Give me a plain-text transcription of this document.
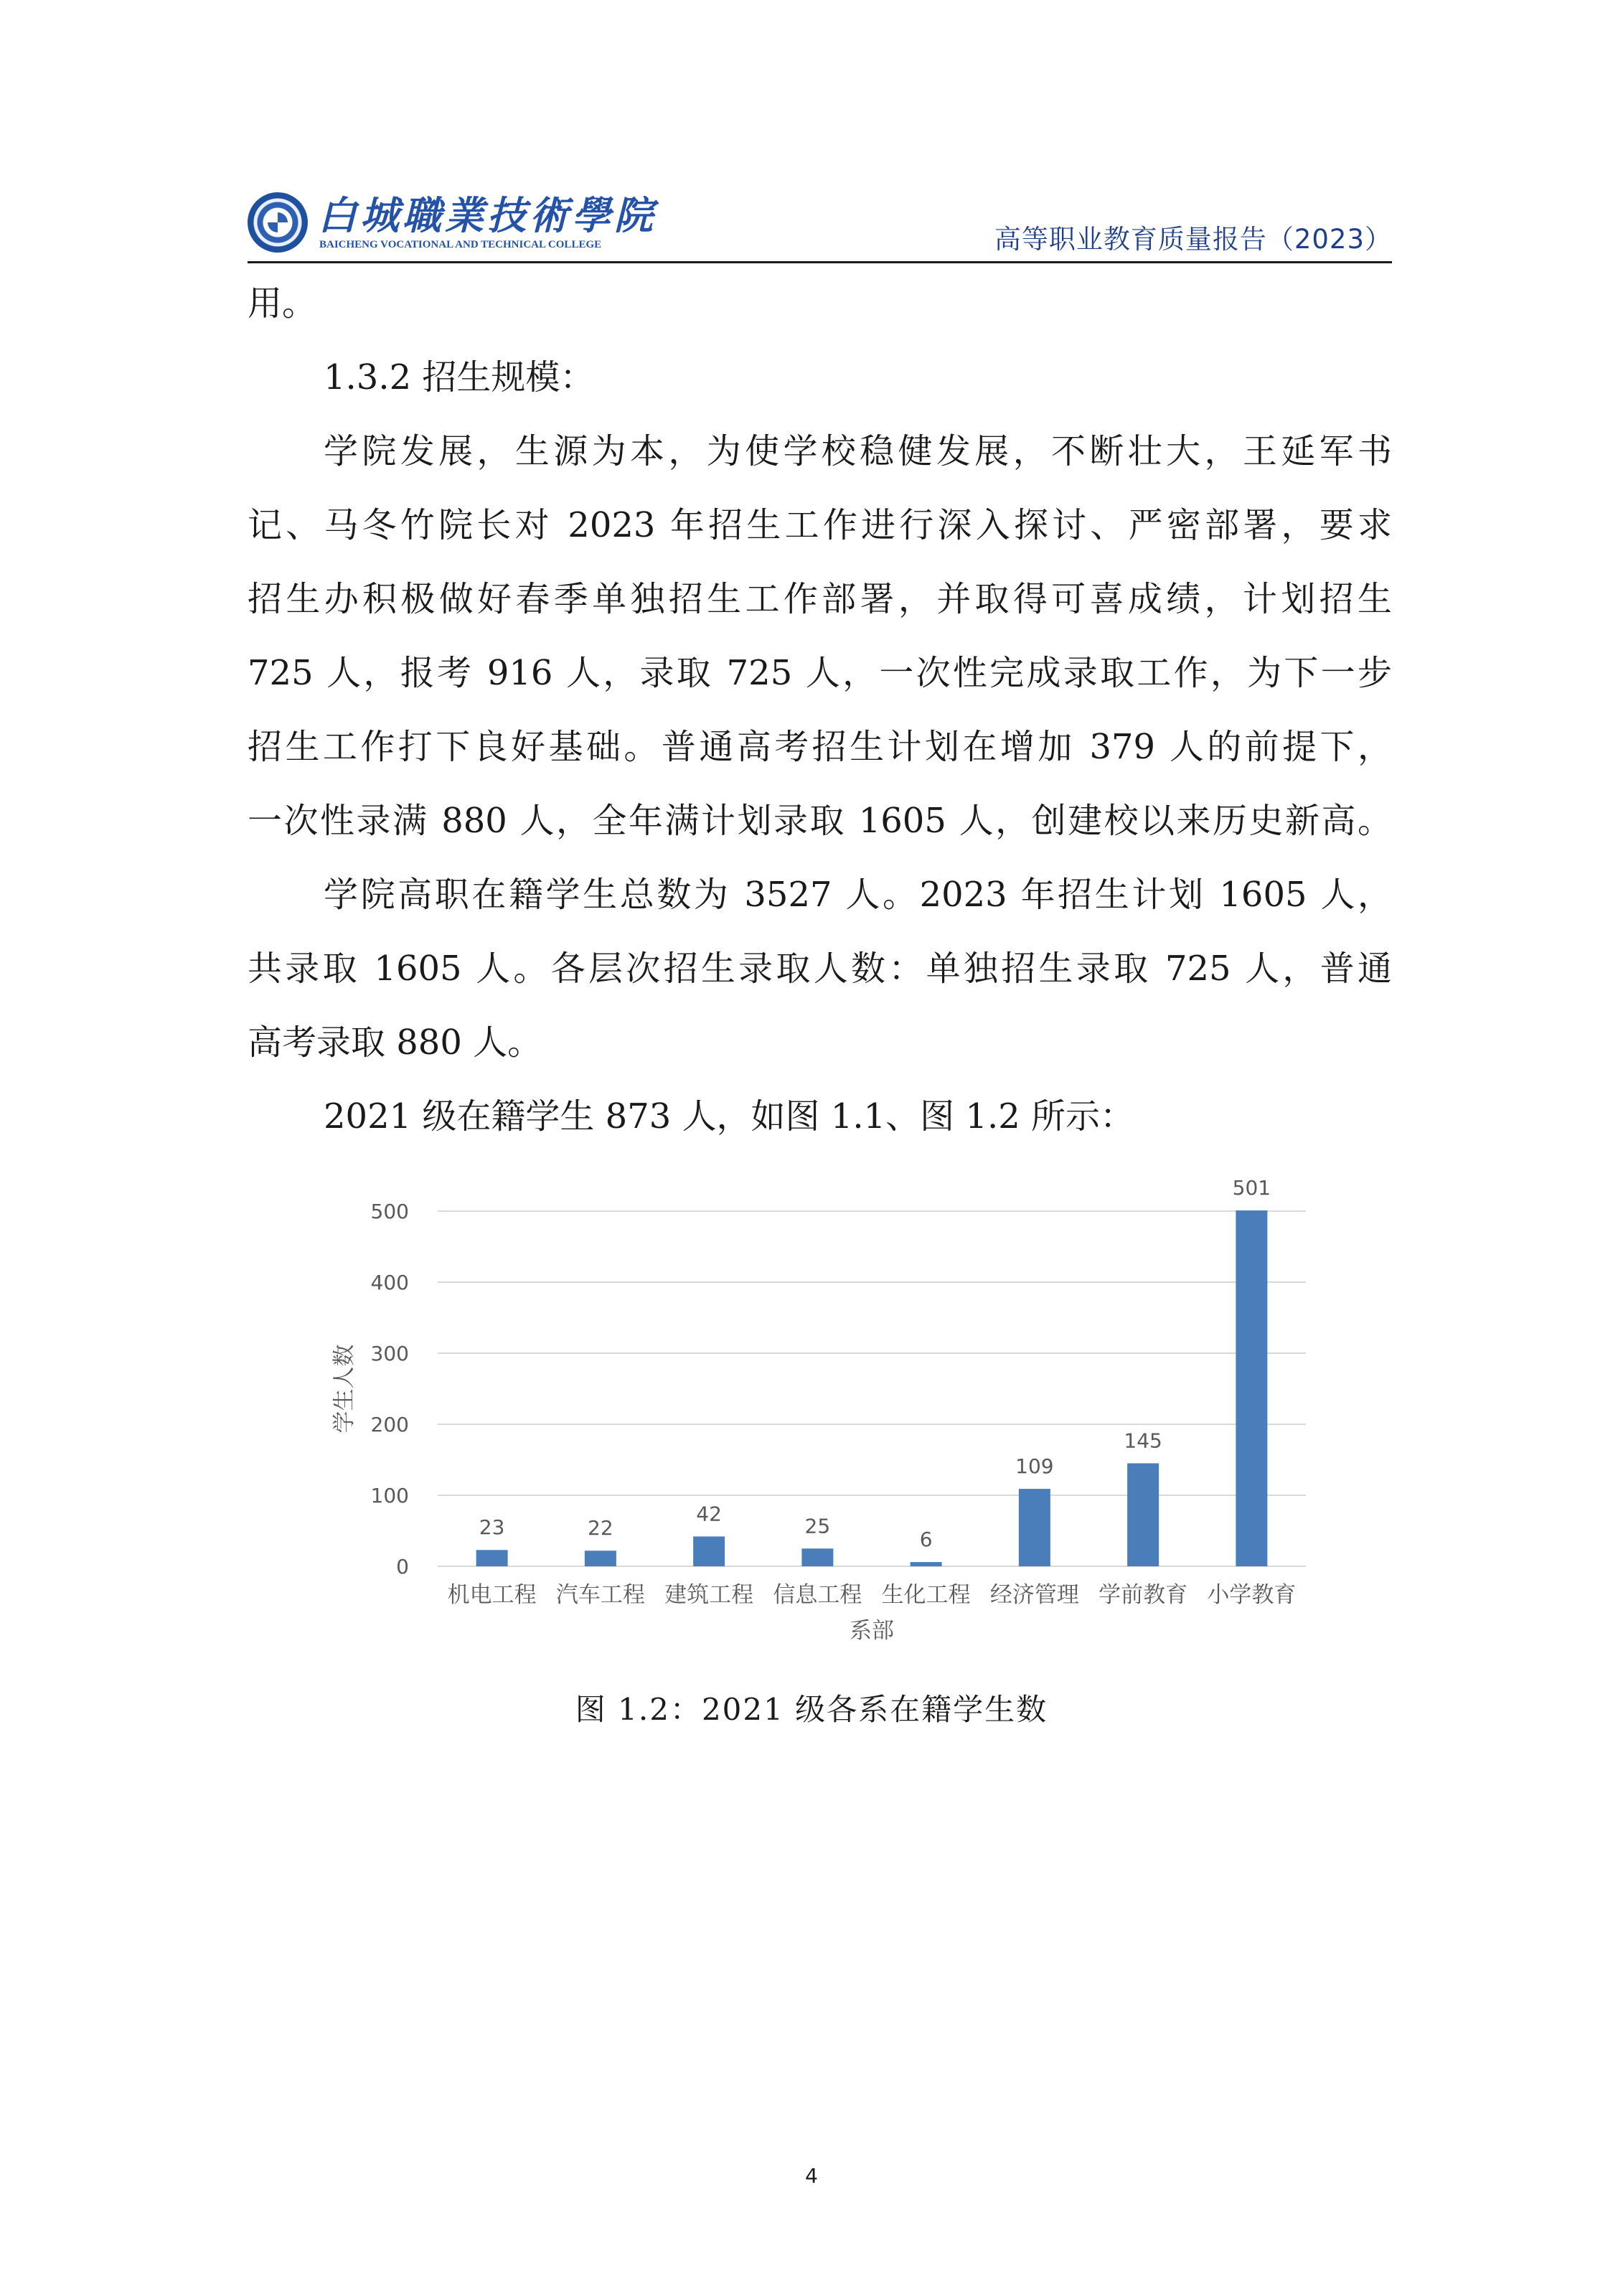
白城職業技術學院
BAICHENG VOCATIONAL AND TECHNICAL COLLEGE	高等职业教育质量报告（2023）
用。
1.3.2 招生规模：
学院发展，生源为本，为使学校稳健发展，不断壮大，王延军书
记、马冬竹院长对 2023 年招生工作进行深入探讨、严密部署，要求
招生办积极做好春季单独招生工作部署，并取得可喜成绩，计划招生
725 人，报考 916 人，录取 725 人，一次性完成录取工作，为下一步
招生工作打下良好基础。普通高考招生计划在增加 379 人的前提下，
一次性录满 880 人，全年满计划录取 1605 人，创建校以来历史新高。
学院高职在籍学生总数为 3527 人。2023 年招生计划 1605 人，
共录取 1605 人。各层次招生录取人数：单独招生录取 725 人，普通
高考录取 880 人。
2021 级在籍学生 873 人，如图 1.1、图 1.2 所示：
0
100
200
300
400
500
23
机电工程
22
汽车工程
42
建筑工程
25
信息工程
6
生化工程
109
经济管理
145
学前教育
501
小学教育
系部
学生人数
图 1.2：2021 级各系在籍学生数
4
